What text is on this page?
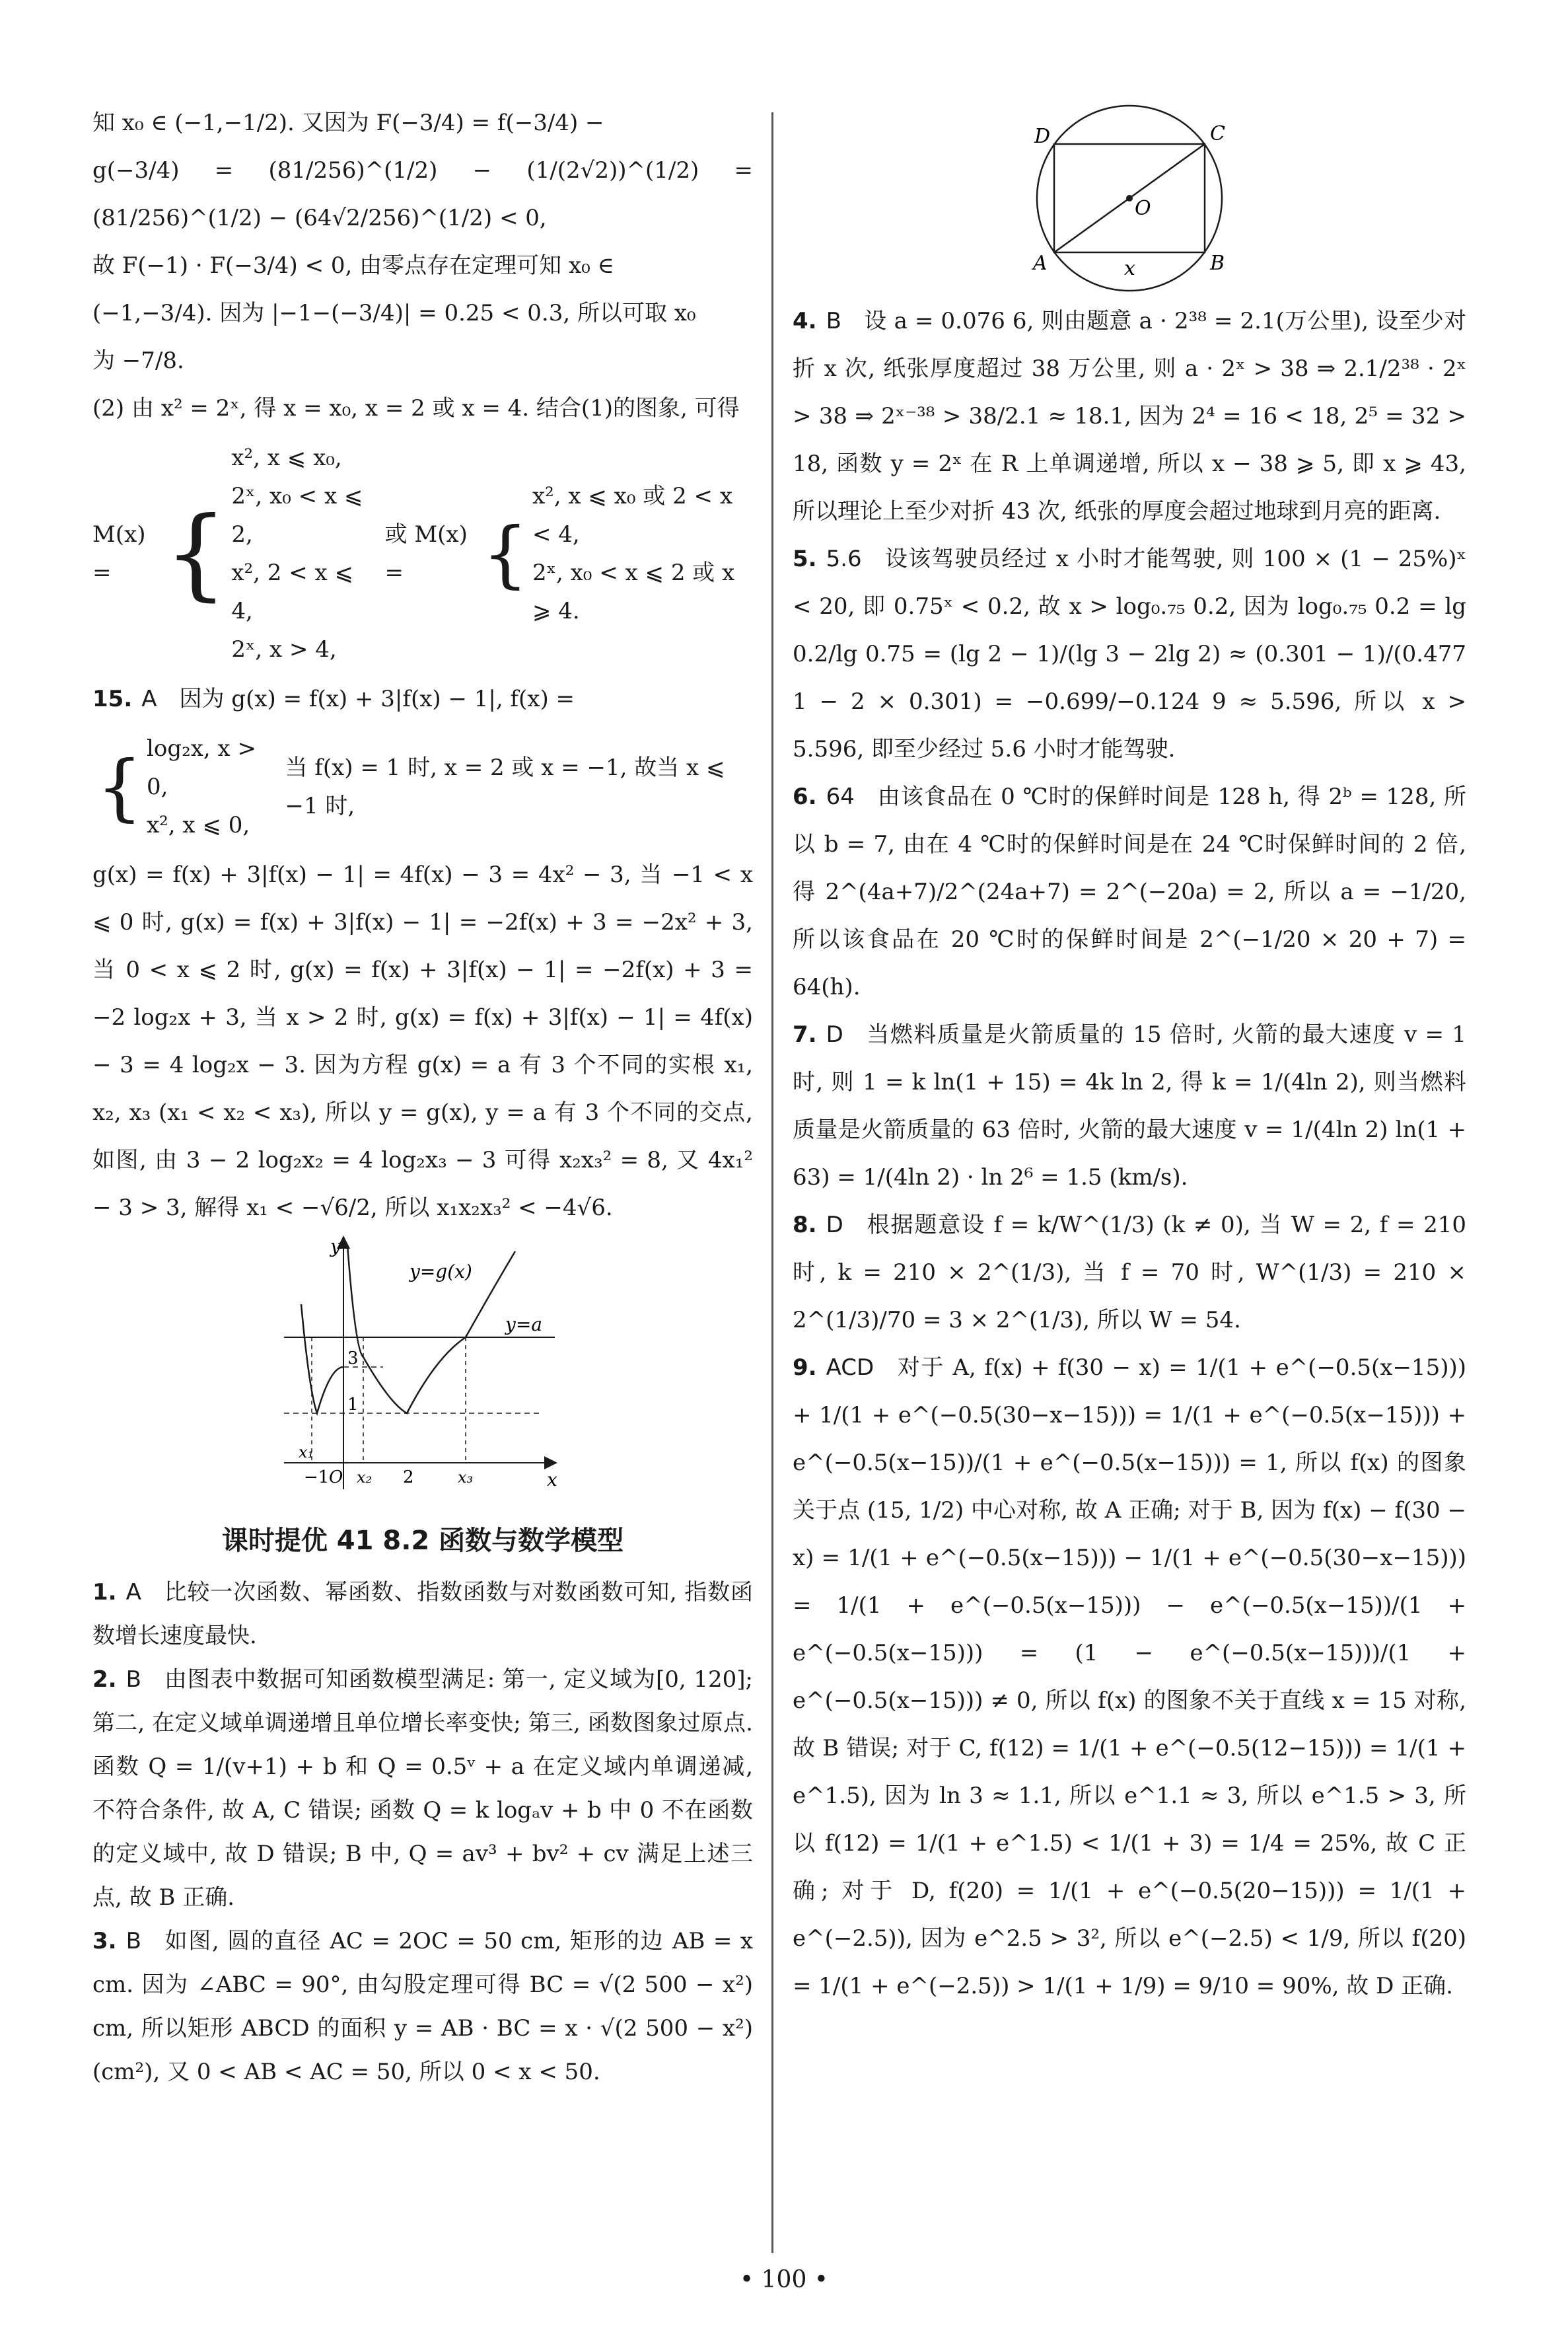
知 x₀ ∈ (−1,−1/2). 又因为 F(−3/4) = f(−3/4) −

g(−3/4) = (81/256)^(1/2) − (1/(2√2))^(1/2) = (81/256)^(1/2) − (64√2/256)^(1/2) < 0,

故 F(−1) · F(−3/4) < 0, 由零点存在定理可知 x₀ ∈

(−1,−3/4). 因为 |−1−(−3/4)| = 0.25 < 0.3, 所以可取 x₀

为 −7/8.

(2) 由 x² = 2ˣ, 得 x = x₀, x = 2 或 x = 4. 结合(1)的图象, 可得

M(x) = {
x², x ⩽ x₀,
2ˣ, x₀ < x ⩽ 2,
x², 2 < x ⩽ 4,
2ˣ, x > 4,
或 M(x) =	{
x², x ⩽ x₀ 或 2 < x < 4,
2ˣ, x₀ < x ⩽ 2 或 x ⩾ 4.

15. A 因为 g(x) = f(x) + 3|f(x) − 1|, f(x) =

{ log₂x, x > 0,
x², x ⩽ 0,
当 f(x) = 1 时, x = 2 或 x = −1, 故当 x ⩽ −1 时,

g(x) = f(x) + 3|f(x) − 1| = 4f(x) − 3 = 4x² − 3, 当 −1 < x ⩽ 0 时, g(x) = f(x) + 3|f(x) − 1| = −2f(x) + 3 = −2x² + 3, 当 0 < x ⩽ 2 时, g(x) = f(x) + 3|f(x) − 1| = −2f(x) + 3 = −2 log₂x + 3, 当 x > 2 时, g(x) = f(x) + 3|f(x) − 1| = 4f(x) − 3 = 4 log₂x − 3. 因为方程 g(x) = a 有 3 个不同的实根 x₁, x₂, x₃ (x₁ < x₂ < x₃), 所以 y = g(x), y = a 有 3 个不同的交点, 如图, 由 3 − 2 log₂x₂ = 4 log₂x₃ − 3 可得 x₂x₃² = 8, 又 4x₁² − 3 > 3, 解得 x₁ < −√6/2, 所以 x₁x₂x₃² < −4√6.

y
x
y=g(x)
y=a
3
1
−1 O	2
x₁
x₂	x₃
课时提优 41 8.2 函数与数学模型

1. A 比较一次函数、幂函数、指数函数与对数函数可知, 指数函数增长速度最快.

2. B 由图表中数据可知函数模型满足: 第一, 定义域为[0, 120]; 第二, 在定义域单调递增且单位增长率变快; 第三, 函数图象过原点. 函数 Q = 1/(v+1) + b 和 Q = 0.5ᵛ + a 在定义域内单调递减, 不符合条件, 故 A, C 错误; 函数 Q = k logₐv + b 中 0 不在函数的定义域中, 故 D 错误; B 中, Q = av³ + bv² + cv 满足上述三点, 故 B 正确.

3. B 如图, 圆的直径 AC = 2OC = 50 cm, 矩形的边 AB = x cm. 因为 ∠ABC = 90°, 由勾股定理可得 BC = √(2 500 − x²) cm, 所以矩形 ABCD 的面积 y = AB · BC = x · √(2 500 − x²) (cm²), 又 0 < AB < AC = 50, 所以 0 < x < 50.

D	C
O
A	B
x

4. B 设 a = 0.076 6, 则由题意 a · 2³⁸ = 2.1(万公里), 设至少对折 x 次, 纸张厚度超过 38 万公里, 则 a · 2ˣ > 38 ⇒ 2.1/2³⁸ · 2ˣ > 38 ⇒ 2ˣ⁻³⁸ > 38/2.1 ≈ 18.1, 因为 2⁴ = 16 < 18, 2⁵ = 32 > 18, 函数 y = 2ˣ 在 R 上单调递增, 所以 x − 38 ⩾ 5, 即 x ⩾ 43, 所以理论上至少对折 43 次, 纸张的厚度会超过地球到月亮的距离.

5. 5.6 设该驾驶员经过 x 小时才能驾驶, 则 100 × (1 − 25%)ˣ < 20, 即 0.75ˣ < 0.2, 故 x > log₀.₇₅ 0.2, 因为 log₀.₇₅ 0.2 = lg 0.2/lg 0.75 = (lg 2 − 1)/(lg 3 − 2lg 2) ≈ (0.301 − 1)/(0.477 1 − 2 × 0.301) = −0.699/−0.124 9 ≈ 5.596, 所以 x > 5.596, 即至少经过 5.6 小时才能驾驶.

6. 64 由该食品在 0 ℃时的保鲜时间是 128 h, 得 2ᵇ = 128, 所以 b = 7, 由在 4 ℃时的保鲜时间是在 24 ℃时保鲜时间的 2 倍, 得 2^(4a+7)/2^(24a+7) = 2^(−20a) = 2, 所以 a = −1/20, 所以该食品在 20 ℃时的保鲜时间是 2^(−1/20 × 20 + 7) = 64(h).

7. D 当燃料质量是火箭质量的 15 倍时, 火箭的最大速度 v = 1 时, 则 1 = k ln(1 + 15) = 4k ln 2, 得 k = 1/(4ln 2), 则当燃料质量是火箭质量的 63 倍时, 火箭的最大速度 v = 1/(4ln 2) ln(1 + 63) = 1/(4ln 2) · ln 2⁶ = 1.5 (km/s).

8. D 根据题意设 f = k/W^(1/3) (k ≠ 0), 当 W = 2, f = 210 时, k = 210 × 2^(1/3), 当 f = 70 时, W^(1/3) = 210 × 2^(1/3)/70 = 3 × 2^(1/3), 所以 W = 54.

9. ACD 对于 A, f(x) + f(30 − x) = 1/(1 + e^(−0.5(x−15))) + 1/(1 + e^(−0.5(30−x−15))) = 1/(1 + e^(−0.5(x−15))) + e^(−0.5(x−15))/(1 + e^(−0.5(x−15))) = 1, 所以 f(x) 的图象关于点 (15, 1/2) 中心对称, 故 A 正确; 对于 B, 因为 f(x) − f(30 − x) = 1/(1 + e^(−0.5(x−15))) − 1/(1 + e^(−0.5(30−x−15))) = 1/(1 + e^(−0.5(x−15))) − e^(−0.5(x−15))/(1 + e^(−0.5(x−15))) = (1 − e^(−0.5(x−15)))/(1 + e^(−0.5(x−15))) ≠ 0, 所以 f(x) 的图象不关于直线 x = 15 对称, 故 B 错误; 对于 C, f(12) = 1/(1 + e^(−0.5(12−15))) = 1/(1 + e^1.5), 因为 ln 3 ≈ 1.1, 所以 e^1.1 ≈ 3, 所以 e^1.5 > 3, 所以 f(12) = 1/(1 + e^1.5) < 1/(1 + 3) = 1/4 = 25%, 故 C 正确; 对于 D, f(20) = 1/(1 + e^(−0.5(20−15))) = 1/(1 + e^(−2.5)), 因为 e^2.5 > 3², 所以 e^(−2.5) < 1/9, 所以 f(20) = 1/(1 + e^(−2.5)) > 1/(1 + 1/9) = 9/10 = 90%, 故 D 正确.

• 100 •
